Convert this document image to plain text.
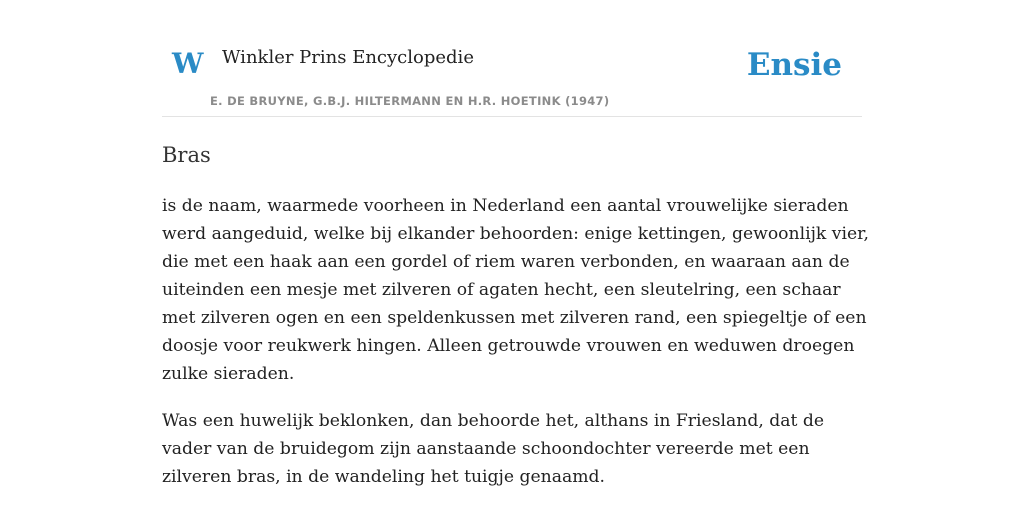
W Winkler Prins Encyclopedie
E. DE BRUYNE, G.B.J. HILTERMANN EN H.R. HOETINK (1947)
Ensie
Bras

is de naam, waarmede voorheen in Nederland een aantal vrouwelijke sieraden werd aangeduid, welke bij elkander behoorden: enige kettingen, gewoonlijk vier, die met een haak aan een gordel of riem waren verbonden, en waaraan aan de uiteinden een mesje met zilveren of agaten hecht, een sleutelring, een schaar met zilveren ogen en een speldenkussen met zilveren rand, een spiegeltje of een doosje voor reukwerk hingen. Alleen getrouwde vrouwen en weduwen droegen zulke sieraden.

Was een huwelijk beklonken, dan behoorde het, althans in Friesland, dat de vader van de bruidegom zijn aanstaande schoondochter vereerde met een zilveren bras, in de wandeling het tuigje genaamd.
